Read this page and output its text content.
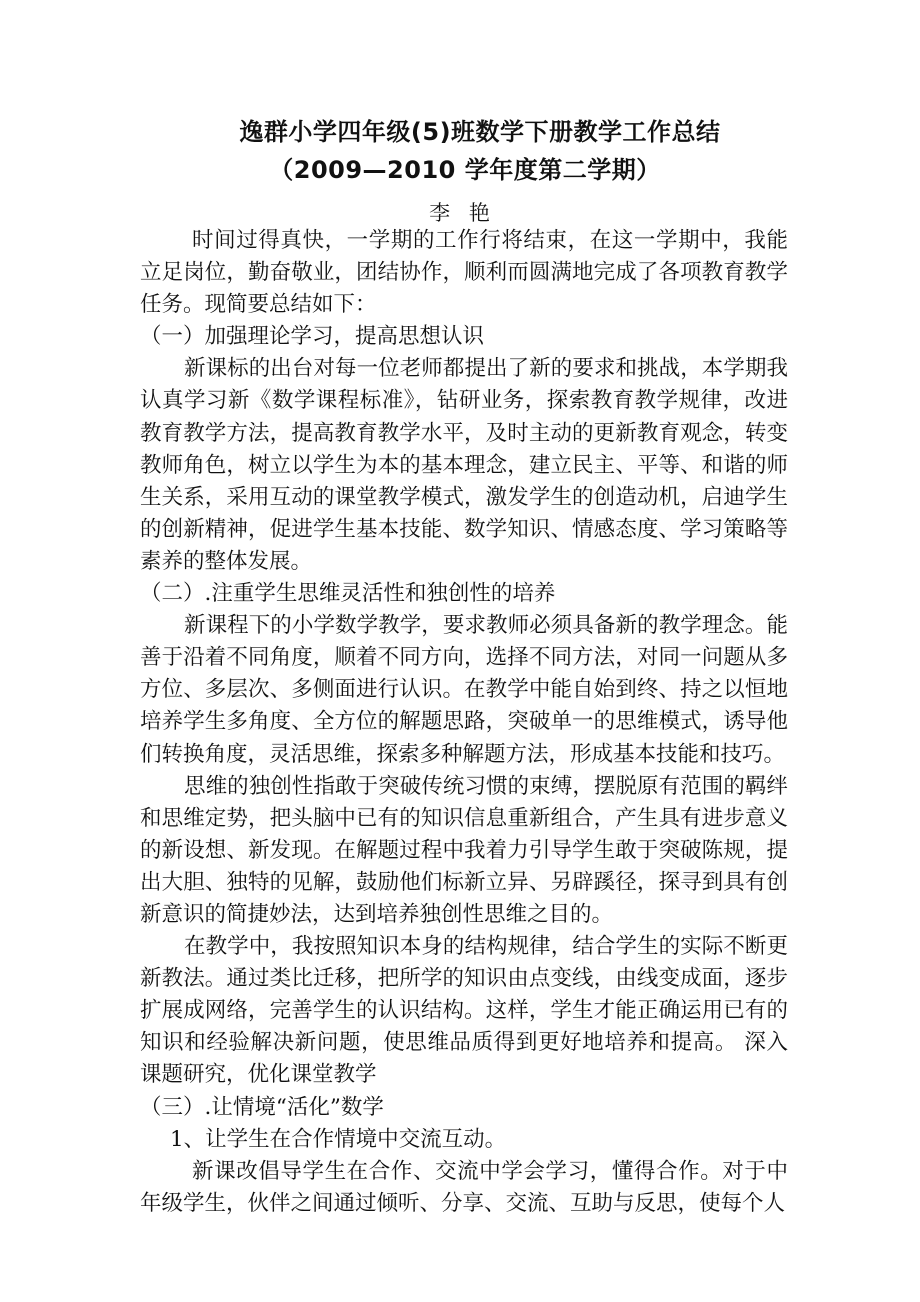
逸群小学四年级(5)班数学下册教学工作总结
（2009—2010 学年度第二学期）
李 艳

时间过得真快，一学期的工作行将结束，在这一学期中，我能立足岗位，勤奋敬业，团结协作，顺利而圆满地完成了各项教育教学任务。现简要总结如下：

（一）加强理论学习，提高思想认识

新课标的出台对每一位老师都提出了新的要求和挑战，本学期我认真学习新《数学课程标准》，钻研业务，探索教育教学规律，改进教育教学方法，提高教育教学水平，及时主动的更新教育观念，转变教师角色，树立以学生为本的基本理念，建立民主、平等、和谐的师生关系，采用互动的课堂教学模式，激发学生的创造动机，启迪学生的创新精神，促进学生基本技能、数学知识、情感态度、学习策略等素养的整体发展。

（二）.注重学生思维灵活性和独创性的培养

新课程下的小学数学教学，要求教师必须具备新的教学理念。能善于沿着不同角度，顺着不同方向，选择不同方法，对同一问题从多方位、多层次、多侧面进行认识。在教学中能自始到终、持之以恒地培养学生多角度、全方位的解题思路，突破单一的思维模式，诱导他们转换角度，灵活思维，探索多种解题方法，形成基本技能和技巧。

思维的独创性指敢于突破传统习惯的束缚，摆脱原有范围的羁绊和思维定势，把头脑中已有的知识信息重新组合，产生具有进步意义的新设想、新发现。在解题过程中我着力引导学生敢于突破陈规，提出大胆、独特的见解，鼓励他们标新立异、另辟蹊径，探寻到具有创新意识的简捷妙法，达到培养独创性思维之目的。

在教学中，我按照知识本身的结构规律，结合学生的实际不断更新教法。通过类比迁移，把所学的知识由点变线，由线变成面，逐步扩展成网络，完善学生的认识结构。这样，学生才能正确运用已有的知识和经验解决新问题，使思维品质得到更好地培养和提高。 深入课题研究，优化课堂教学

（三）.让情境“活化”数学

1、让学生在合作情境中交流互动。

新课改倡导学生在合作、交流中学会学习，懂得合作。对于中年级学生，伙伴之间通过倾听、分享、交流、互助与反思，使每个人
